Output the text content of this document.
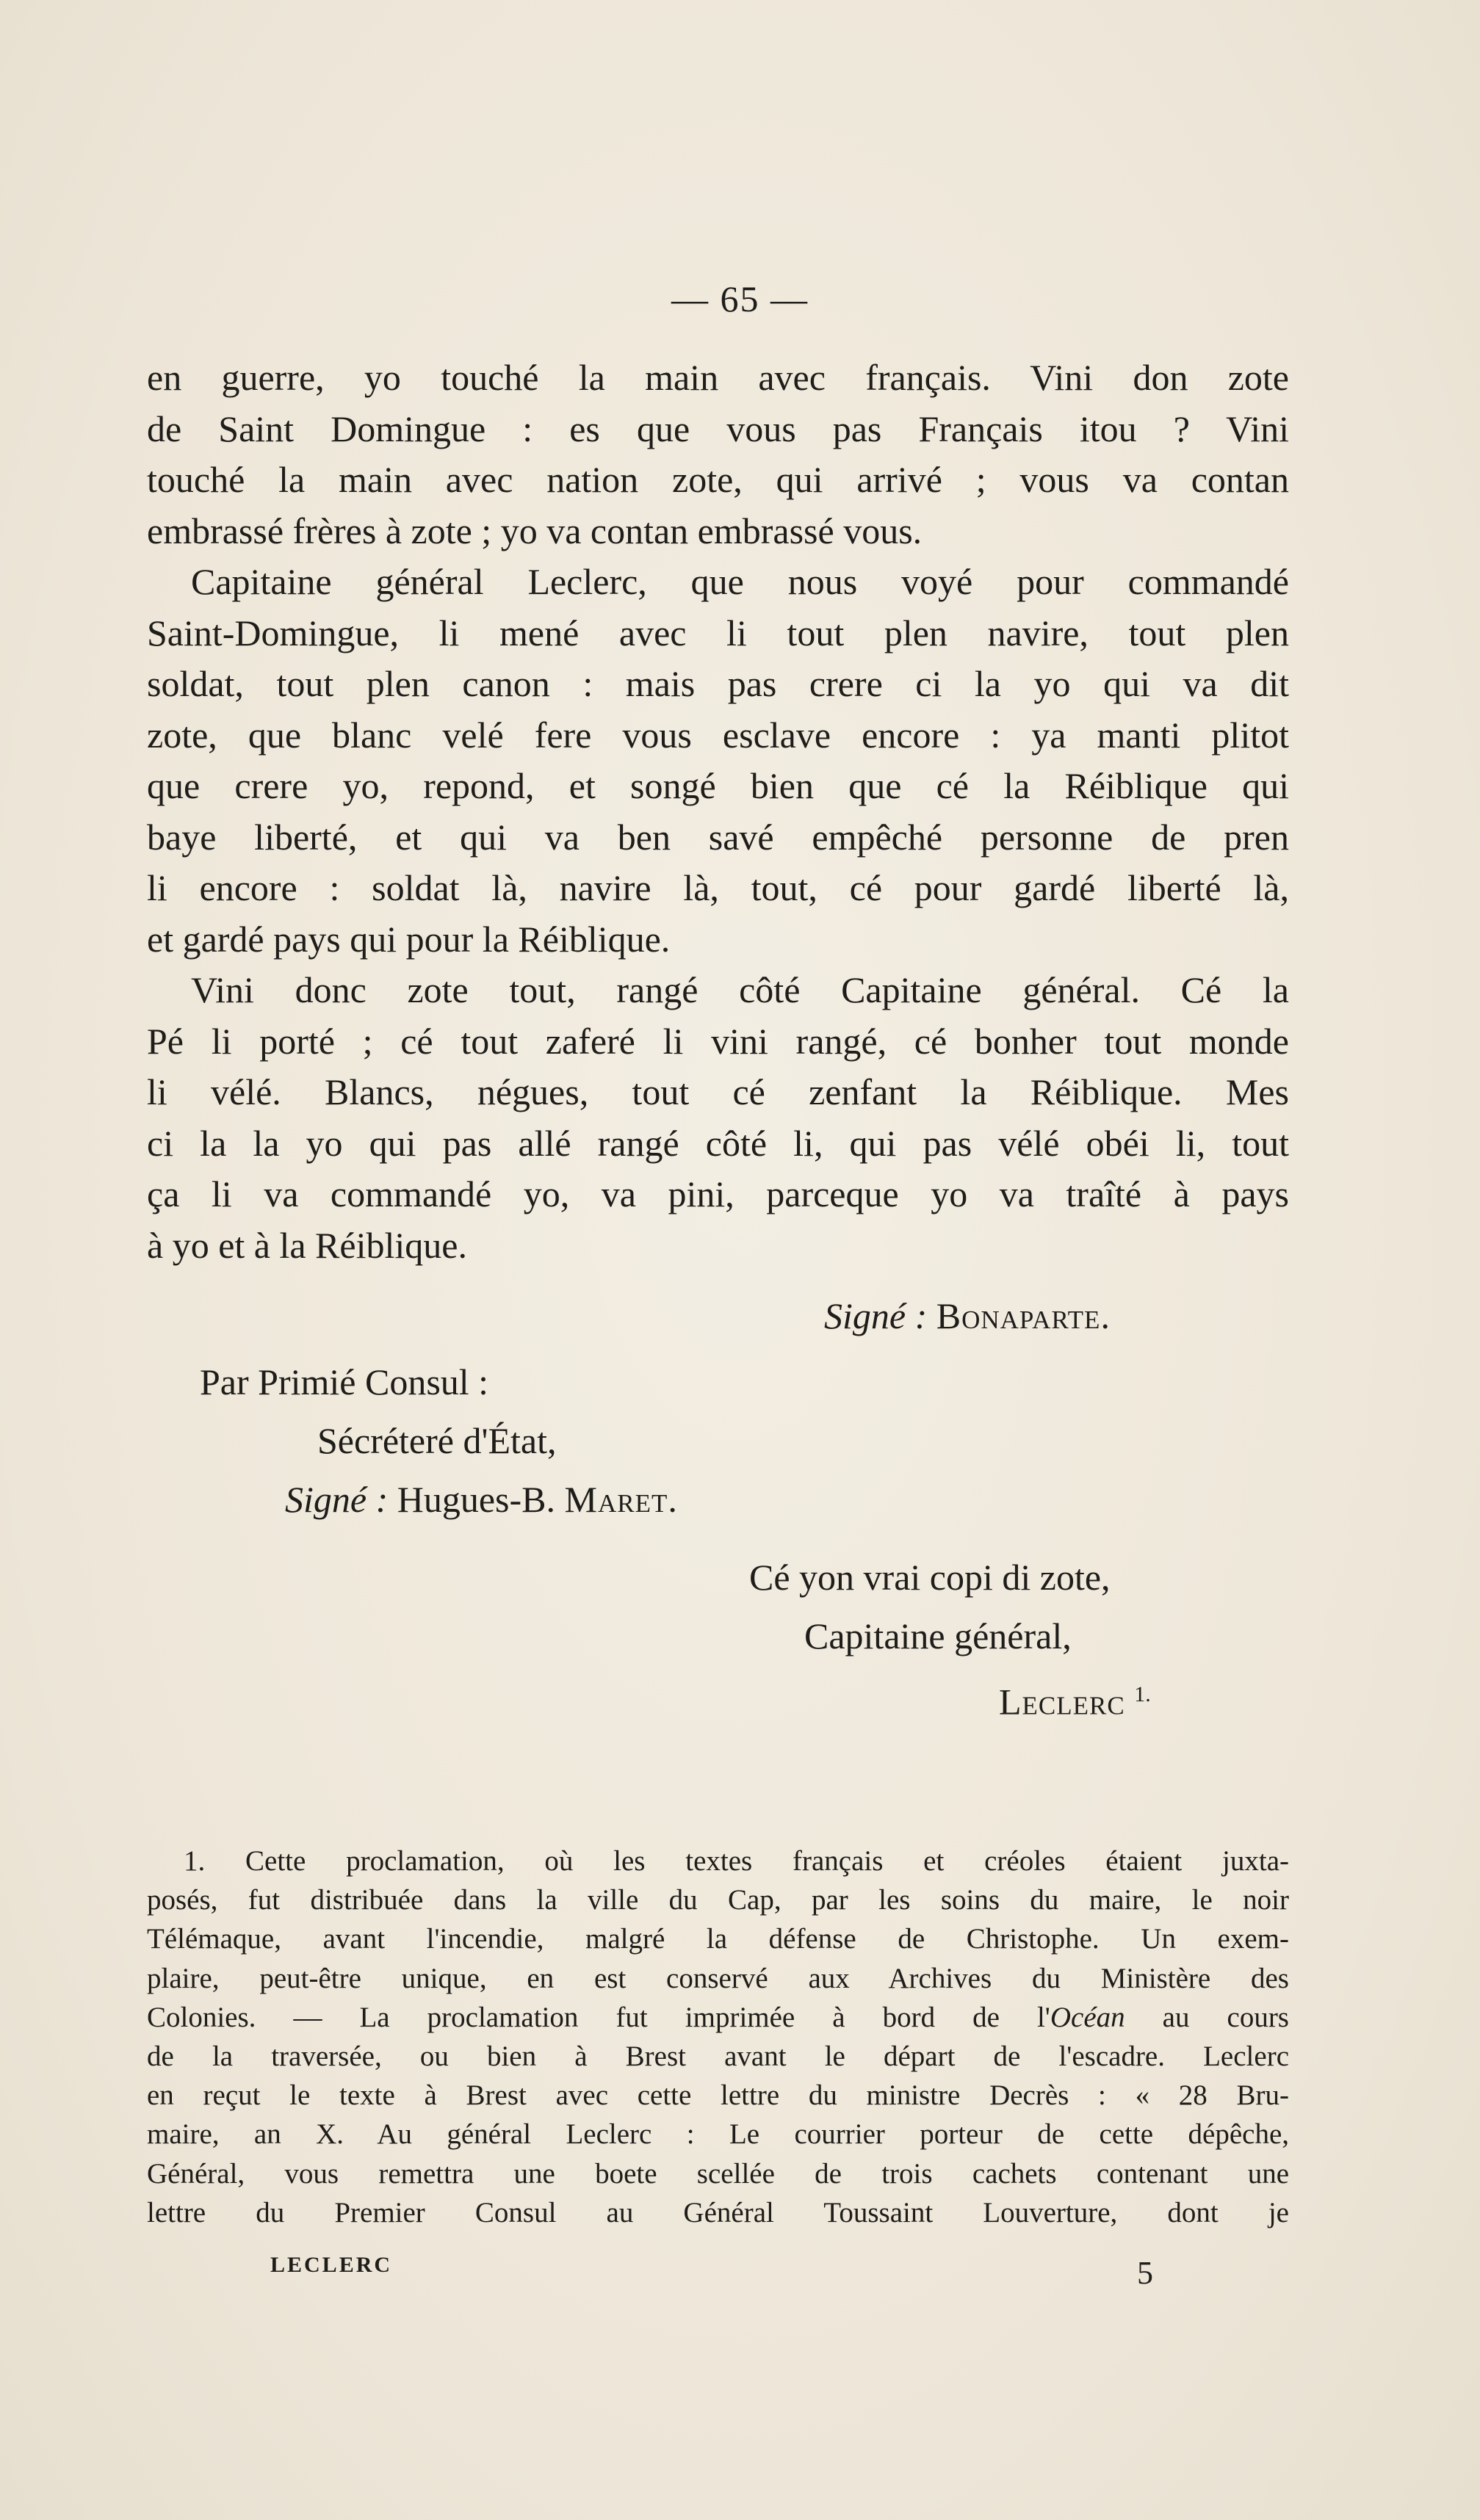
— 65 —
en guerre, yo touché la main avec français. Vini don zote
de Saint Domingue : es que vous pas Français itou ? Vini
touché la main avec nation zote, qui arrivé ; vous va contan
embrassé frères à zote ; yo va contan embrassé vous.
Capitaine général Leclerc, que nous voyé pour commandé
Saint-Domingue, li mené avec li tout plen navire, tout plen
soldat, tout plen canon : mais pas crere ci la yo qui va dit
zote, que blanc velé fere vous esclave encore : ya manti plitot
que crere yo, repond, et songé bien que cé la Réiblique qui
baye liberté, et qui va ben savé empêché personne de pren
li encore : soldat là, navire là, tout, cé pour gardé liberté là,
et gardé pays qui pour la Réiblique.
Vini donc zote tout, rangé côté Capitaine général. Cé la
Pé li porté ; cé tout zaferé li vini rangé, cé bonher tout monde
li vélé. Blancs, négues, tout cé zenfant la Réiblique. Mes
ci la la yo qui pas allé rangé côté li, qui pas vélé obéi li, tout
ça li va commandé yo, va pini, parceque yo va traîté à pays
à yo et à la Réiblique.
Signé : Bonaparte.
Par Primié Consul :
Sécréteré d'État,
Signé : Hugues-B. Maret.
Cé yon vrai copi di zote,
Capitaine général,
Leclerc $^{1.}$
1. Cette proclamation, où les textes français et créoles étaient juxta-
posés, fut distribuée dans la ville du Cap, par les soins du maire, le noir
Télémaque, avant l'incendie, malgré la défense de Christophe. Un exem-
plaire, peut-être unique, en est conservé aux Archives du Ministère des
Colonies. — La proclamation fut imprimée à bord de l'Océan au cours
de la traversée, ou bien à Brest avant le départ de l'escadre. Leclerc
en reçut le texte à Brest avec cette lettre du ministre Decrès : « 28 Bru-
maire, an X. Au général Leclerc : Le courrier porteur de cette dépêche,
Général, vous remettra une boete scellée de trois cachets contenant une
lettre du Premier Consul au Général Toussaint Louverture, dont je
LECLERC	5
